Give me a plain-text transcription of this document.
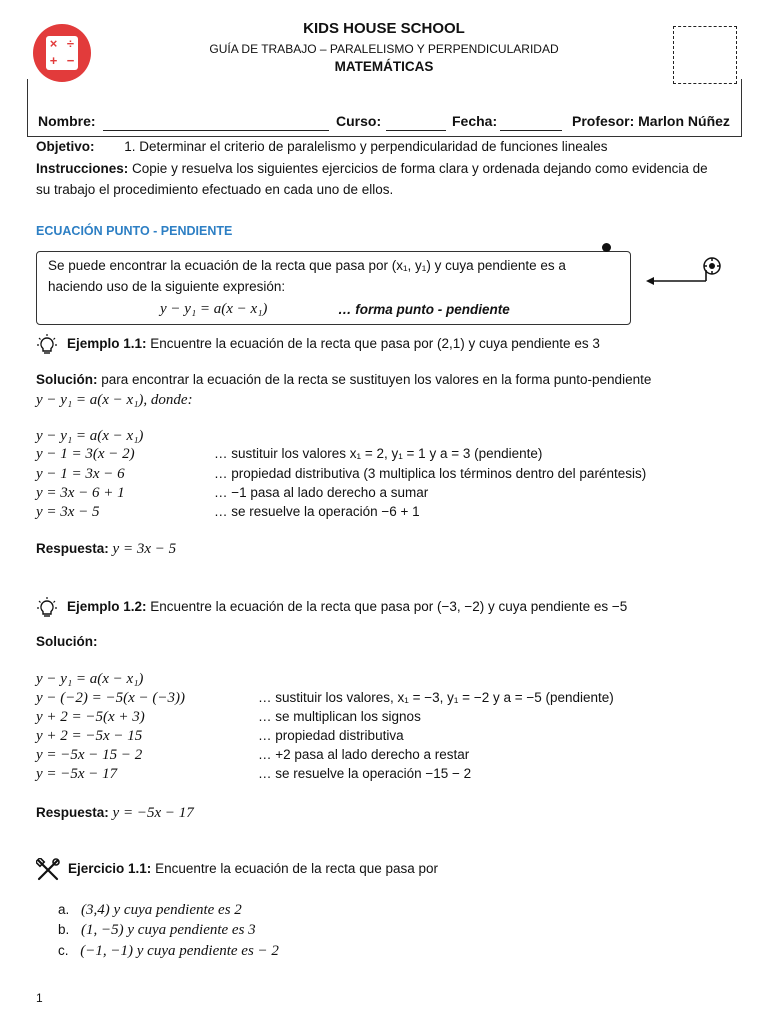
× ÷
+ −
KIDS HOUSE SCHOOL
GUÍA DE TRABAJO – PARALELISMO Y PERPENDICULARIDAD
MATEMÁTICAS
Nombre:	Curso:	Fecha:	Profesor: Marlon Núñez
Objetivo: 1. Determinar el criterio de paralelismo y perpendicularidad de funciones lineales
Instrucciones: Copie y resuelva los siguientes ejercicios de forma clara y ordenada dejando como evidencia de
su trabajo el procedimiento efectuado en cada uno de ellos.
ECUACIÓN PUNTO - PENDIENTE
Se puede encontrar la ecuación de la recta que pasa por (x₁, y₁) y cuya pendiente es a
haciendo uso de la siguiente expresión:
y − y₁ = a(x − x₁)	… forma punto - pendiente
Ejemplo 1.1: Encuentre la ecuación de la recta que pasa por (2,1) y cuya pendiente es 3
Solución: para encontrar la ecuación de la recta se sustituyen los valores en la forma punto-pendiente
y − y₁ = a(x − x₁), donde:
y − y₁ = a(x − x₁)
y − 1 = 3(x − 2)	… sustituir los valores x₁ = 2, y₁ = 1 y a = 3 (pendiente)
y − 1 = 3x − 6	… propiedad distributiva (3 multiplica los términos dentro del paréntesis)
y = 3x − 6 + 1	… −1 pasa al lado derecho a sumar
y = 3x − 5	… se resuelve la operación −6 + 1
Respuesta: y = 3x − 5
Ejemplo 1.2: Encuentre la ecuación de la recta que pasa por (−3, −2) y cuya pendiente es −5
Solución:
y − y₁ = a(x − x₁)
y − (−2) = −5(x − (−3))	… sustituir los valores, x₁ = −3, y₁ = −2 y a = −5 (pendiente)
y + 2 = −5(x + 3)	… se multiplican los signos
y + 2 = −5x − 15	… propiedad distributiva
y = −5x − 15 − 2	… +2 pasa al lado derecho a restar
y = −5x − 17	… se resuelve la operación −15 − 2
Respuesta: y = −5x − 17
Ejercicio 1.1: Encuentre la ecuación de la recta que pasa por
a. (3,4) y cuya pendiente es 2
b. (1, −5) y cuya pendiente es 3
c. (−1, −1) y cuya pendiente es − 2
1
